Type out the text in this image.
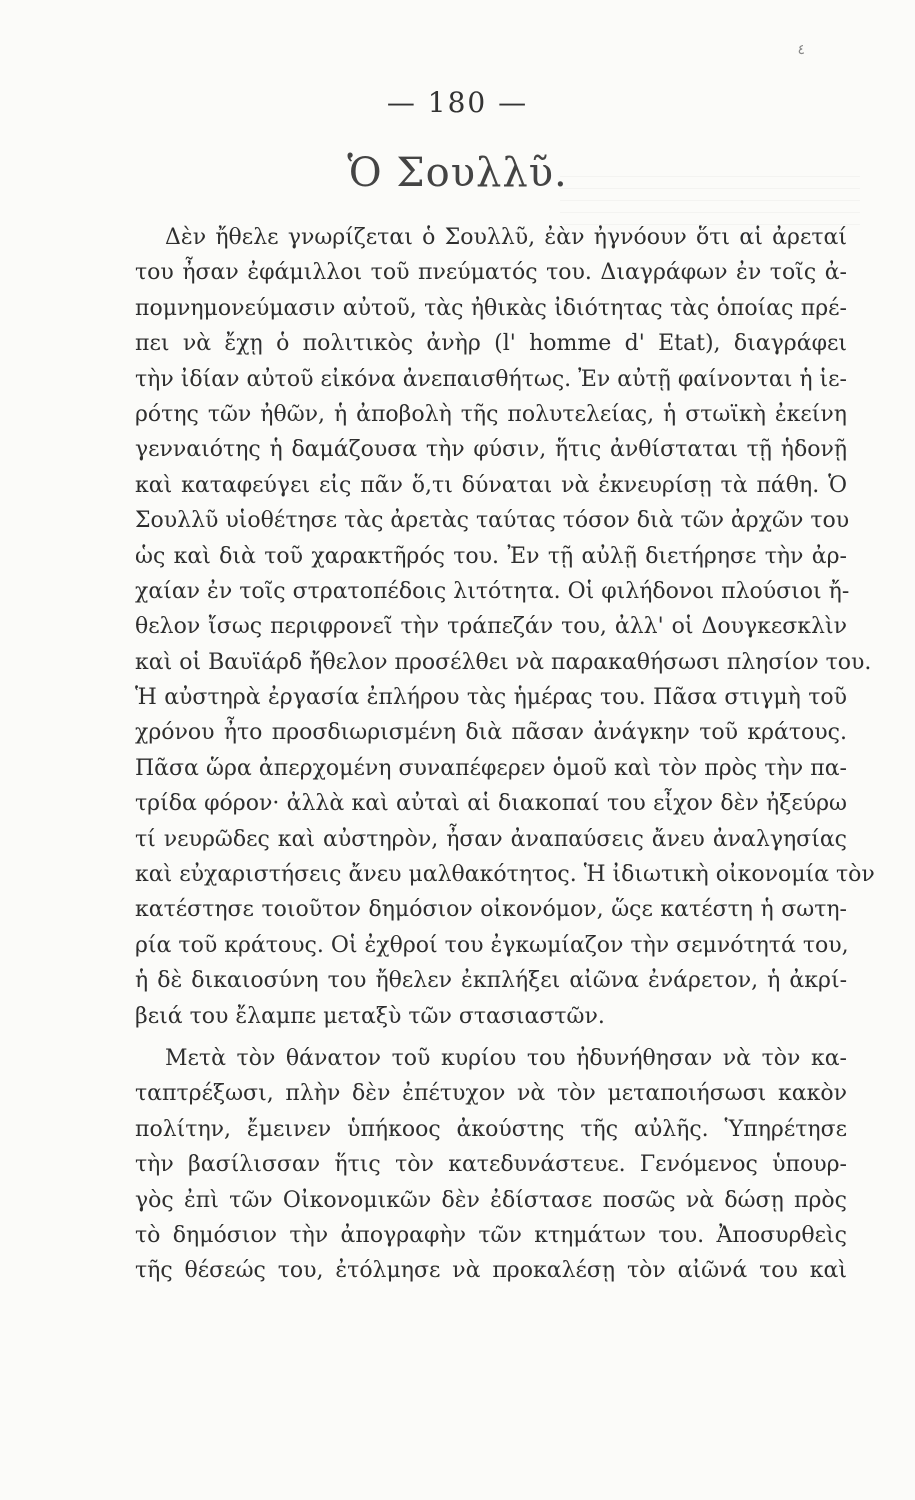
٤
— 180 —
Ὁ Σουλλῦ.
Δὲν ἤθελε γνωρίζεται ὁ Σουλλῦ, ἐὰν ἠγνόουν ὅτι αἱ ἀρεταί
του ἦσαν ἐφάμιλλοι τοῦ πνεύματός του. Διαγράφων ἐν τοῖς ἀ-
πομνημονεύμασιν αὐτοῦ, τὰς ἠθικὰς ἰδιότητας τὰς ὁποίας πρέ-
πει νὰ ἔχῃ ὁ πολιτικὸς ἀνὴρ (l' homme d' Etat), διαγράφει
τὴν ἰδίαν αὐτοῦ εἰκόνα ἀνεπαισθήτως. Ἐν αὐτῇ φαίνονται ἡ ἱε-
ρότης τῶν ἠθῶν, ἡ ἀποβολὴ τῆς πολυτελείας, ἡ στωϊκὴ ἐκείνη
γενναιότης ἡ δαμάζουσα τὴν φύσιν, ἥτις ἀνθίσταται τῇ ἡδονῇ
καὶ καταφεύγει εἰς πᾶν ὅ,τι δύναται νὰ ἐκνευρίσῃ τὰ πάθη. Ὁ
Σουλλῦ υἱοθέτησε τὰς ἀρετὰς ταύτας τόσον διὰ τῶν ἀρχῶν του
ὡς καὶ διὰ τοῦ χαρακτῆρός του. Ἐν τῇ αὐλῇ διετήρησε τὴν ἀρ-
χαίαν ἐν τοῖς στρατοπέδοις λιτότητα. Οἱ φιλήδονοι πλούσιοι ἤ-
θελον ἴσως περιφρονεῖ τὴν τράπεζάν του, ἀλλ' οἱ Δουγκεσκλὶν
καὶ οἱ Βαυϊάρδ ἤθελον προσέλθει νὰ παρακαθήσωσι πλησίον του.
Ἡ αὐστηρὰ ἐργασία ἐπλήρου τὰς ἡμέρας του. Πᾶσα στιγμὴ τοῦ
χρόνου ἦτο προσδιωρισμένη διὰ πᾶσαν ἀνάγκην τοῦ κράτους.
Πᾶσα ὥρα ἀπερχομένη συναπέφερεν ὁμοῦ καὶ τὸν πρὸς τὴν πα-
τρίδα φόρον· ἀλλὰ καὶ αὐταὶ αἱ διακοπαί του εἶχον δὲν ἠξεύρω
τί νευρῶδες καὶ αὐστηρὸν, ἦσαν ἀναπαύσεις ἄνευ ἀναλγησίας
καὶ εὐχαριστήσεις ἄνευ μαλθακότητος. Ἡ ἰδιωτικὴ οἰκονομία τὸν
κατέστησε τοιοῦτον δημόσιον οἰκονόμον, ὥςε κατέστη ἡ σωτη-
ρία τοῦ κράτους. Οἱ ἐχθροί του ἐγκωμίαζον τὴν σεμνότητά του,
ἡ δὲ δικαιοσύνη του ἤθελεν ἐκπλήξει αἰῶνα ἐνάρετον, ἡ ἀκρί-
βειά του ἔλαμπε μεταξὺ τῶν στασιαστῶν.
Μετὰ τὸν θάνατον τοῦ κυρίου του ἠδυνήθησαν νὰ τὸν κα-
ταπτρέξωσι, πλὴν δὲν ἐπέτυχον νὰ τὸν μεταποιήσωσι κακὸν
πολίτην, ἔμεινεν ὑπήκοος ἀκούστης τῆς αὐλῆς. Ὑπηρέτησε
τὴν βασίλισσαν ἥτις τὸν κατεδυνάστευε. Γενόμενος ὑπουρ-
γὸς ἐπὶ τῶν Οἰκονομικῶν δὲν ἐδίστασε ποσῶς νὰ δώσῃ πρὸς
τὸ δημόσιον τὴν ἀπογραφὴν τῶν κτημάτων του. Ἀποσυρθεὶς
τῆς θέσεώς του, ἐτόλμησε νὰ προκαλέσῃ τὸν αἰῶνά του καὶ
